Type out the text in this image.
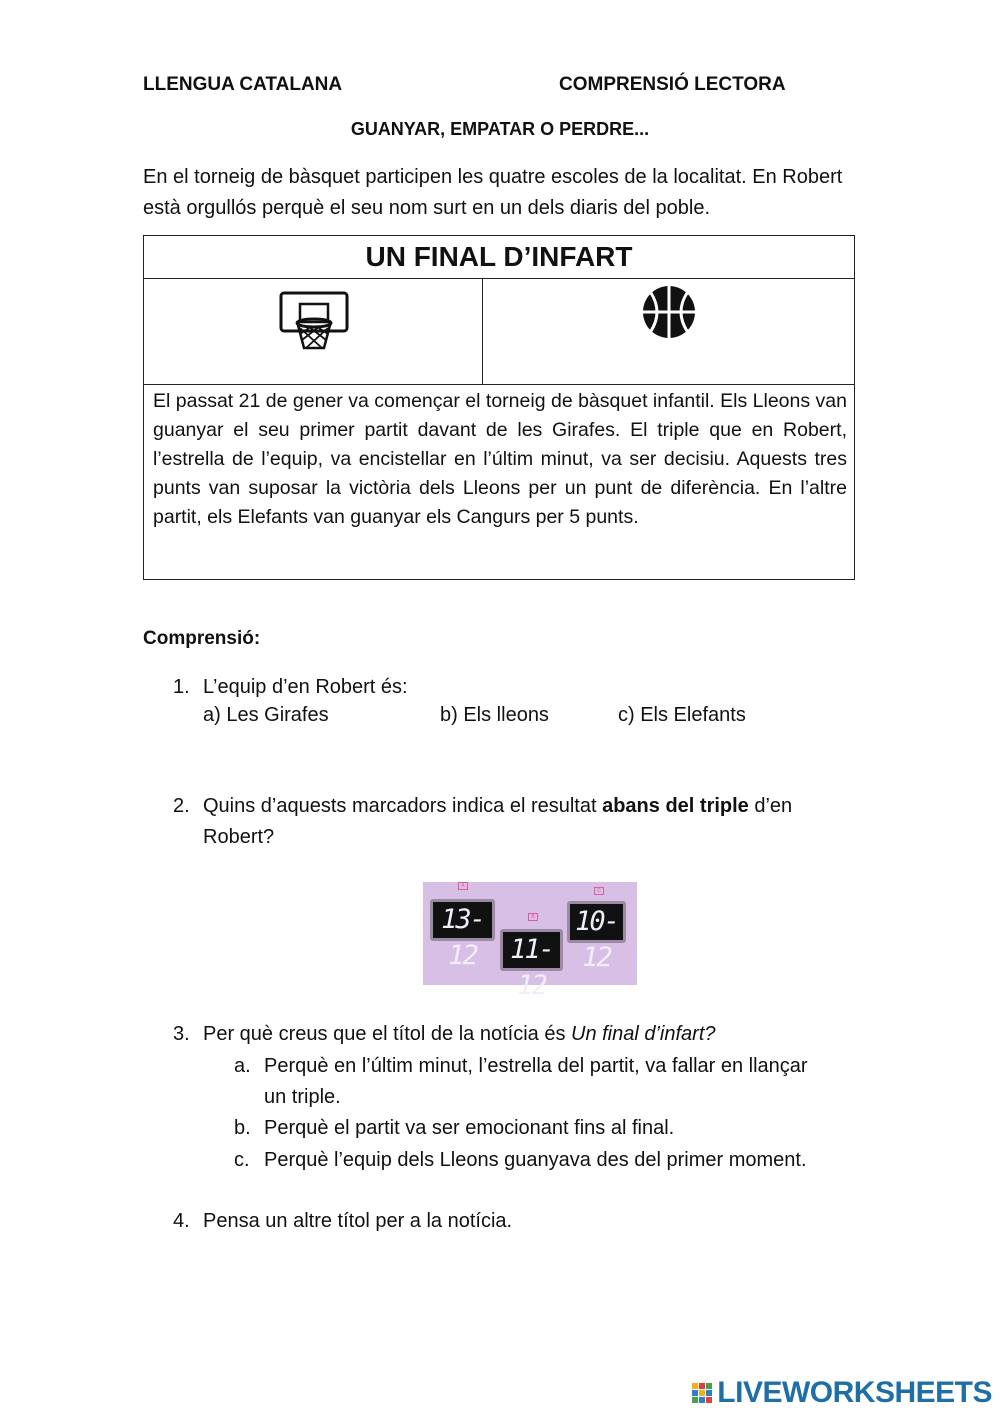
LLENGUA CATALANA	COMPRENSIÓ LECTORA
GUANYAR, EMPATAR O PERDRE...
En el torneig de bàsquet participen les quatre escoles de la localitat. En Robert està orgullós perquè el seu nom surt en un dels diaris del poble.
UN FINAL D’INFART
El passat 21 de gener va començar el torneig de bàsquet infantil. Els Lleons van guanyar el seu primer partit davant de les Girafes. El triple que en Robert, l’estrella de l’equip, va encistellar en l’últim minut, va ser decisiu. Aquests tres punts van suposar la victòria dels Lleons per un punt de diferència. En l’altre partit, els Elefants van guanyar els Cangurs per 5 punts.
Comprensió:
1. L’equip d’en Robert és:
a) Les Girafes	b) Els lleons	c) Els Elefants
2. Quins d’aquests marcadors indica el resultat abans del triple d’en Robert?
A
13-12
B
11-12
C
10-12
3. Per què creus que el títol de la notícia és Un final d’infart?
a. Perquè en l’últim minut, l’estrella del partit, va fallar en llançar un triple.
b. Perquè el partit va ser emocionant fins al final.
c. Perquè l’equip dels Lleons guanyava des del primer moment.
4. Pensa un altre títol per a la notícia.
LIVEWORKSHEETS
